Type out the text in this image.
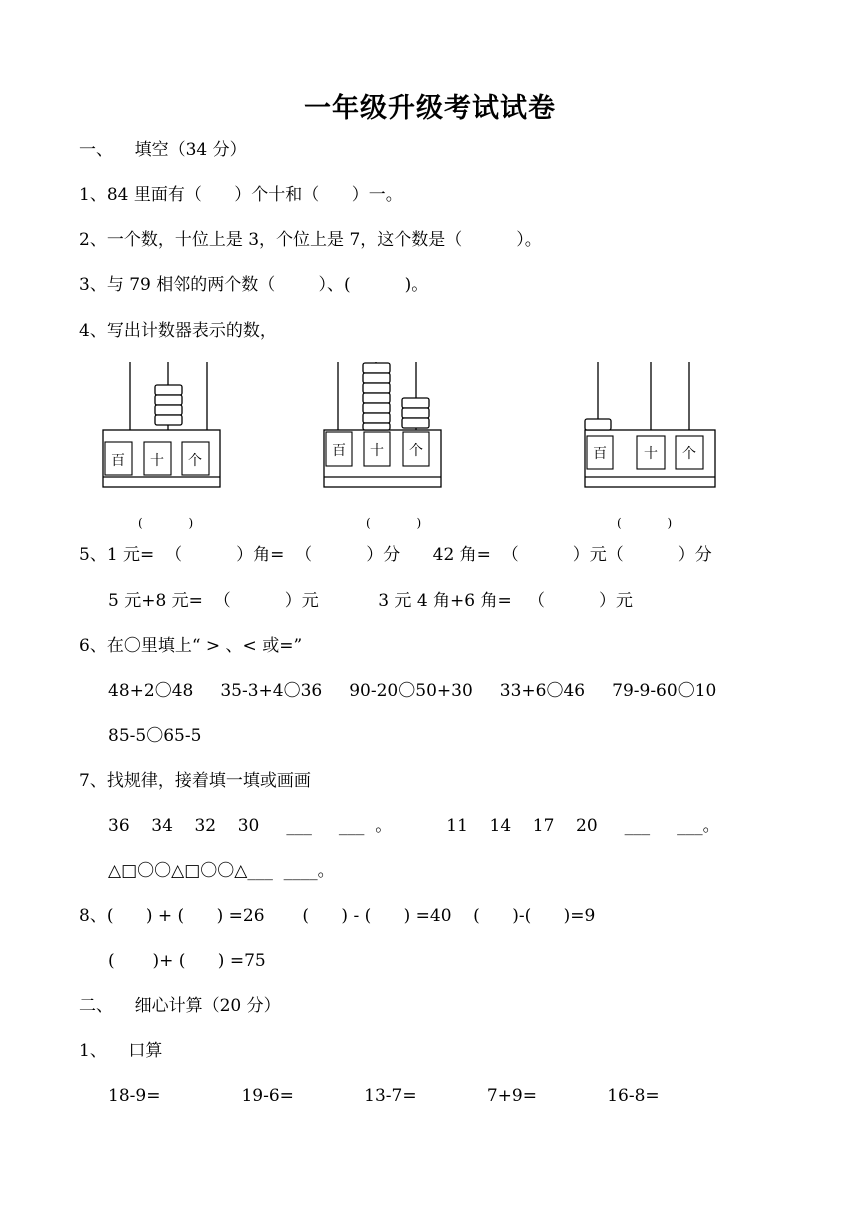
一年级升级考试试卷
一、    填空（34 分）
1、84 里面有（      ）个十和（      ）一。
2、一个数，十位上是 3，个位上是 7，这个数是（          ）。
3、与 79 相邻的两个数（        ）、(          )。
4、写出计数器表示的数，
百 十 个
(            )
百 十 个
(            )
百	十 个
(            )
5、1 元=  （          ）角=  （          ）分      42 角=  （          ）元（          ）分
5 元+8 元=  （          ）元           3 元 4 角+6 角=   （          ）元
6、在〇里填上“ > 、< 或=”
48+2〇48     35-3+4〇36     90-20〇50+30     33+6〇46     79-9-60〇10
85-5〇65-5
7、找规律，接着填一填或画画
36    34    32    30     ___     ___  。          11    14    17    20     ___     ___。
△□〇〇△□〇〇△___  ____。
8、(      ) + (      ) =26       (      ) - (      ) =40    (      )-(      )=9
(       )+ (      ) =75
二、    细心计算（20 分）
1、    口算
18-9=               19-6=             13-7=             7+9=             16-8=
